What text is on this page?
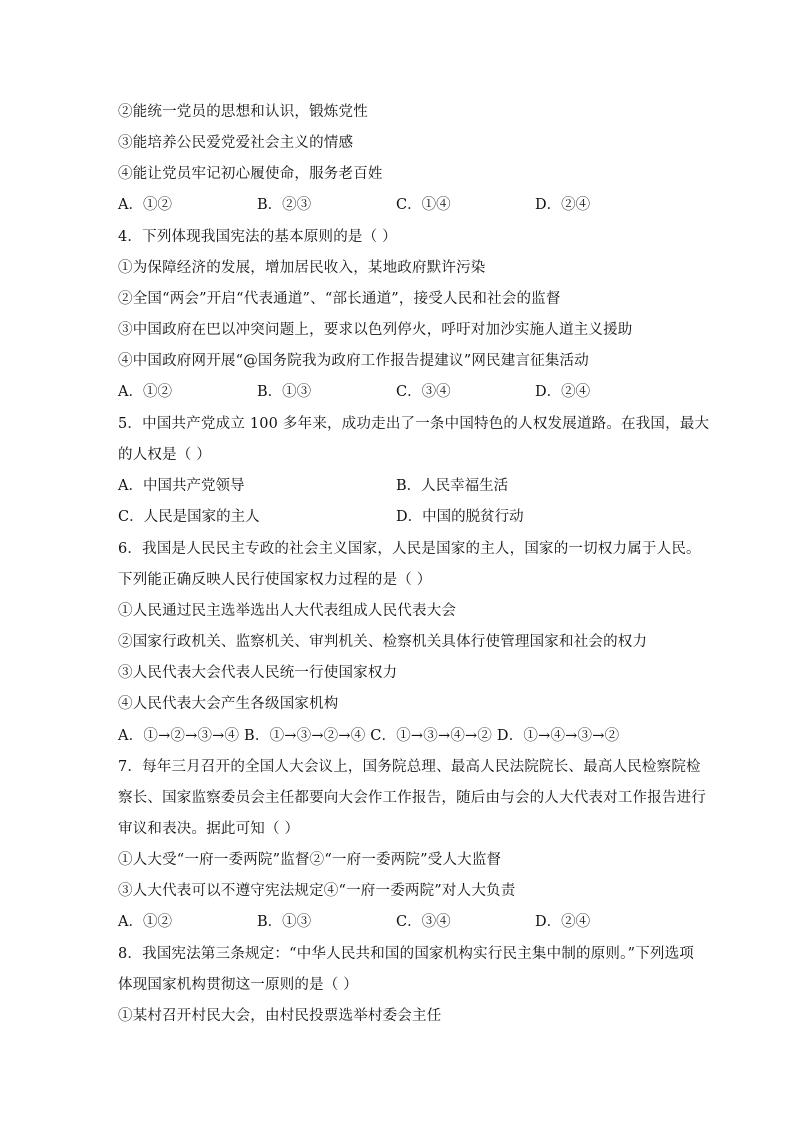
②能统一党员的思想和认识，锻炼党性
③能培养公民爱党爱社会主义的情感
④能让党员牢记初心履使命，服务老百姓
A．①②	B．②③	C．①④	D．②④
4．下列体现我国宪法的基本原则的是（ ）
①为保障经济的发展，增加居民收入，某地政府默许污染
②全国“两会”开启“代表通道”、“部长通道”，接受人民和社会的监督
③中国政府在巴以冲突问题上，要求以色列停火，呼吁对加沙实施人道主义援助
④中国政府网开展“@国务院我为政府工作报告提建议”网民建言征集活动
A．①②	B．①③	C．③④	D．②④
5．中国共产党成立 100 多年来，成功走出了一条中国特色的人权发展道路。在我国，最大
的人权是（ ）
A．中国共产党领导	B．人民幸福生活
C．人民是国家的主人	D．中国的脱贫行动
6．我国是人民民主专政的社会主义国家，人民是国家的主人，国家的一切权力属于人民。
下列能正确反映人民行使国家权力过程的是（ ）
①人民通过民主选举选出人大代表组成人民代表大会
②国家行政机关、监察机关、审判机关、检察机关具体行使管理国家和社会的权力
③人民代表大会代表人民统一行使国家权力
④人民代表大会产生各级国家机构
A．①→②→③→④ B．①→③→②→④ C．①→③→④→② D．①→④→③→②
7．每年三月召开的全国人大会议上，国务院总理、最高人民法院院长、最高人民检察院检
察长、国家监察委员会主任都要向大会作工作报告，随后由与会的人大代表对工作报告进行
审议和表决。据此可知（ ）
①人大受“一府一委两院”监督②“一府一委两院”受人大监督
③人大代表可以不遵守宪法规定④“一府一委两院”对人大负责
A．①②	B．①③	C．③④	D．②④
8．我国宪法第三条规定：“中华人民共和国的国家机构实行民主集中制的原则。”下列选项
体现国家机构贯彻这一原则的是（ ）
①某村召开村民大会，由村民投票选举村委会主任
